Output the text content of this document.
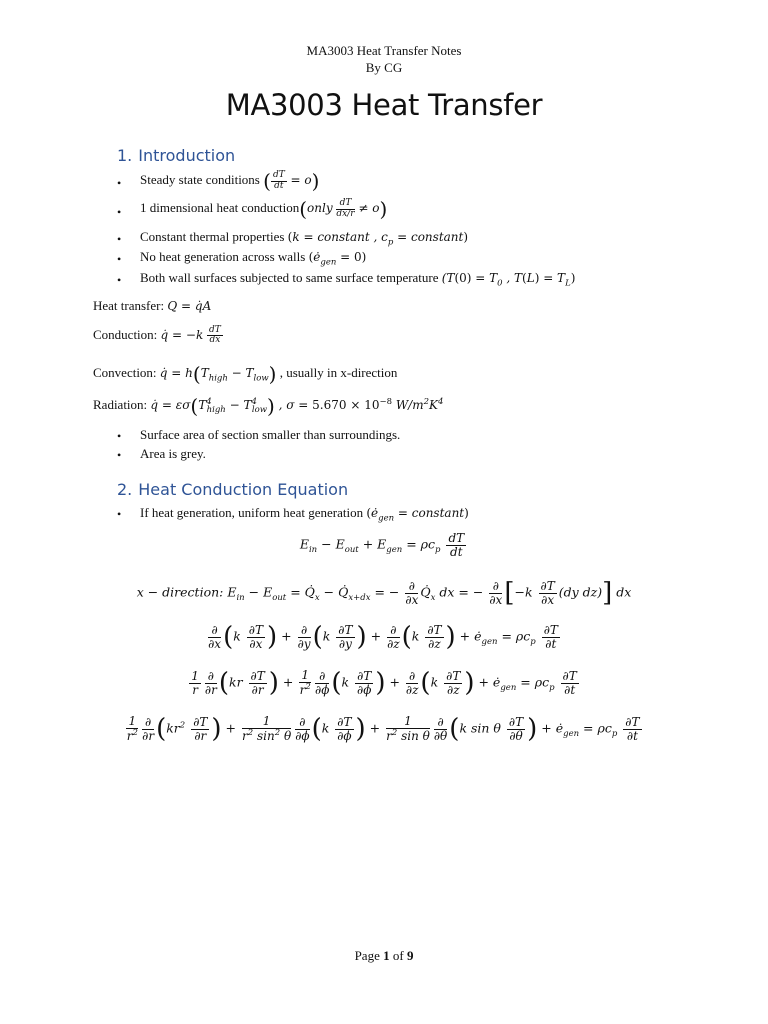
MA3003 Heat Transfer Notes
By CG
MA3003 Heat Transfer
1. Introduction
• Steady state conditions ( $\frac{dT}{dt} = o$)
• 1 dimensional heat conduction(only $\frac{dT}{dx/r} \ne o$)
• Constant thermal properties (k = constant , $c_p$ = constant)
• No heat generation across walls $(ė_{gen} = 0)$
• Both wall surfaces subjected to same surface temperature ($T(0) = T_0$ , $T(L) = T_L$)
Heat transfer: Q = q̇A
Conduction: q̇ = $-k \frac{dT}{dx}$
Convection: q̇ = $h(T_{high} - T_{low})$ , usually in x-direction
Radiation: q̇ = $\varepsilon\sigma(T^4_{high} - T^4_{low})$ , $\sigma = 5.670 \times 10^{-8}$ $W/m^2K^4$
• Surface area of section smaller than surroundings.
• Area is grey.
2. Heat Conduction Equation
• If heat generation, uniform heat generation ($ė_{gen}$ = constant)
$E_{in} - E_{out} + E_{gen} = \rho c_p \frac{dT}{dt}$
x − direction: $E_{in} - E_{out}$ = $Q̇_x$ − $Q̇_{x+dx}$ = − $\frac{\partial}{\partial x}$ $Q̇_x$ dx = − $\frac{\partial}{\partial x} [-k \frac{\partial T}{\partial x} (dy$ dz)] dx
$\frac{\partial}{\partial x} (k \frac{\partial T}{\partial x}$ ) + $\frac{\partial}{\partial y} (k \frac{\partial T}{\partial y}$ ) + $\frac{\partial}{\partial z} (k \frac{\partial T}{\partial z}$ ) + $ė_{gen} = \rho c_p \frac{\partial T}{\partial t}$
$\frac{1}{r} \frac{\partial}{\partial r} (kr \frac{\partial T}{\partial r}$ ) + $\frac{1}{r^2} \frac{\partial}{\partial\phi} (k \frac{\partial T}{\partial\phi}$ ) + $\frac{\partial}{\partial z} (k \frac{\partial T}{\partial z}$ ) + $ė_{gen} = \rho c_p \frac{\partial T}{\partial t}$
$\frac{1}{r^2} \frac{\partial}{\partial r} (kr^2 \frac{\partial T}{\partial r}$ ) + $\frac{1}{r^2 \sin^2 \theta} \frac{\partial}{\partial\phi} (k \frac{\partial T}{\partial\phi}$ ) + $\frac{1}{r^2 \sin \theta} \frac{\partial}{\partial\theta} (k$ sin θ $\frac{\partial T}{\partial\theta}$ ) + $ė_{gen} = \rho c_p \frac{\partial T}{\partial t}$
Page 1 of 9
